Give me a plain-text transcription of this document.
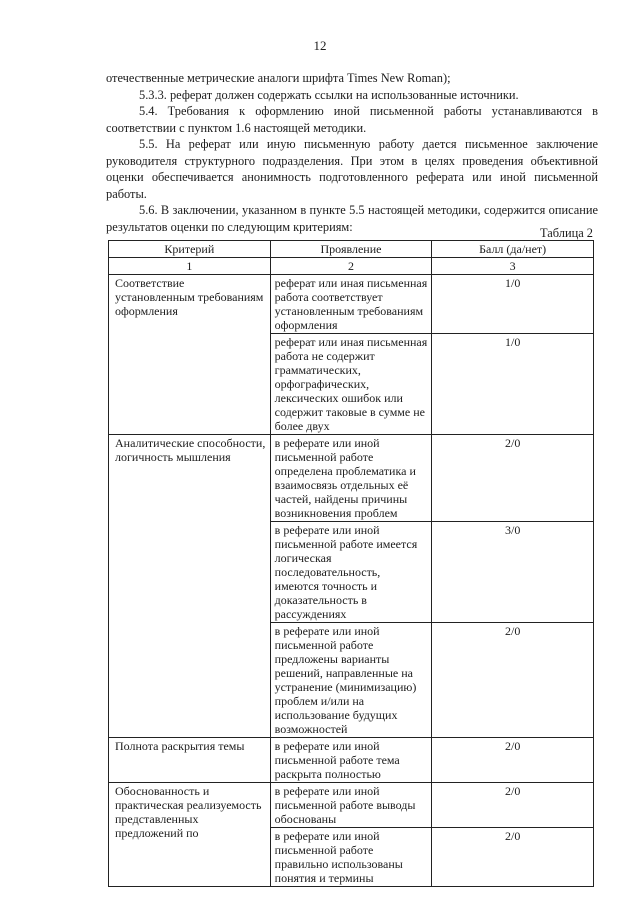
12

отечественные метрические аналоги шрифта Times New Roman);

5.3.3. реферат должен содержать ссылки на использованные источники.

5.4. Требования к оформлению иной письменной работы устанавливаются в соответствии с пунктом 1.6 настоящей методики.

5.5. На реферат или иную письменную работу дается письменное заключение руководителя структурного подразделения. При этом в целях проведения объективной оценки обеспечивается анонимность подготовленного реферата или иной письменной работы.

5.6. В заключении, указанном в пункте 5.5 настоящей методики, содержится описание результатов оценки по следующим критериям:	Таблица 2
Критерий	Проявление	Балл (да/нет)
1	2	3
Соответствие установленным требованиям оформления	реферат или иная письменная работа соответствует установленным требованиям оформления	1/0
	реферат или иная письменная работа не содержит грамматических, орфографических, лексических ошибок или содержит таковые в сумме не более двух	1/0
Аналитические способности, логичность мышления	в реферате или иной письменной работе определена проблематика и взаимосвязь отдельных её частей, найдены причины возникновения проблем	2/0
	в реферате или иной письменной работе имеется логическая последовательность, имеются точность и доказательность в рассуждениях	3/0
	в реферате или иной письменной работе предложены варианты решений, направленные на устранение (минимизацию) проблем и/или на использование будущих возможностей	2/0
Полнота раскрытия темы	в реферате или иной письменной работе тема раскрыта полностью	2/0
Обоснованность и практическая реализуемость представленных предложений по	в реферате или иной письменной работе выводы обоснованы	2/0
	в реферате или иной письменной работе правильно использованы понятия и термины	2/0
